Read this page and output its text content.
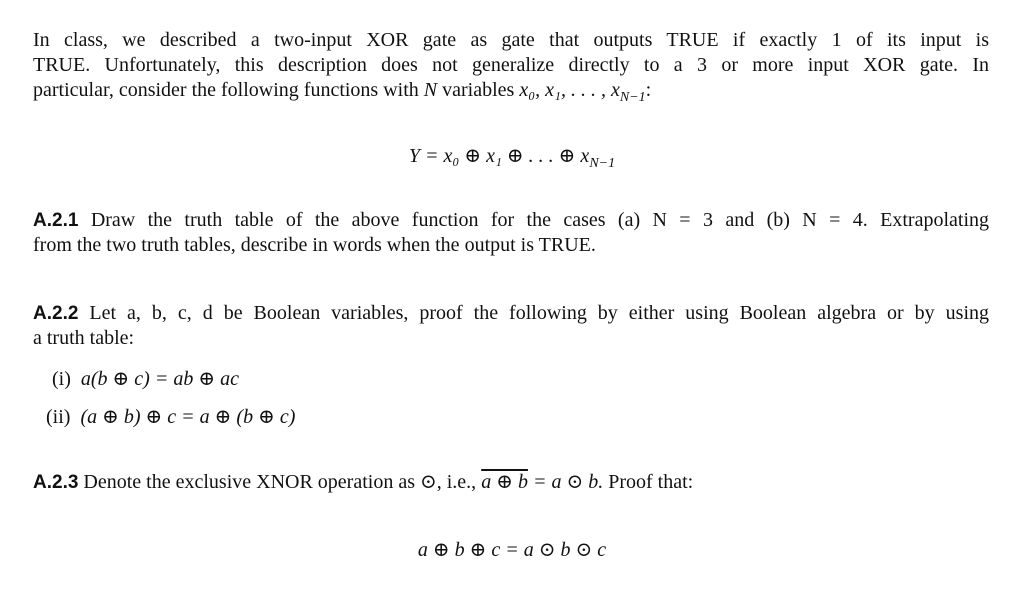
In class, we described a two-input XOR gate as gate that outputs TRUE if exactly 1 of its input is
TRUE. Unfortunately, this description does not generalize directly to a 3 or more input XOR gate. In
particular, consider the following functions with N variables x₀, x₁, . . . , $x_{N-1}$:
Y = x₀ ⊕ x₁ ⊕ . . . ⊕ $x_{N-1}$
A.2.1 Draw the truth table of the above function for the cases (a) N = 3 and (b) N = 4. Extrapolating
from the two truth tables, describe in words when the output is TRUE.
A.2.2 Let a, b, c, d be Boolean variables, proof the following by either using Boolean algebra or by using
a truth table:
(i) a(b ⊕ c) = ab ⊕ ac
(ii) (a ⊕ b) ⊕ c = a ⊕ (b ⊕ c)
A.2.3 Denote the exclusive XNOR operation as ⊙, i.e., a ⊕ b = a ⊙ b. Proof that:
a ⊕ b ⊕ c = a ⊙ b ⊙ c
